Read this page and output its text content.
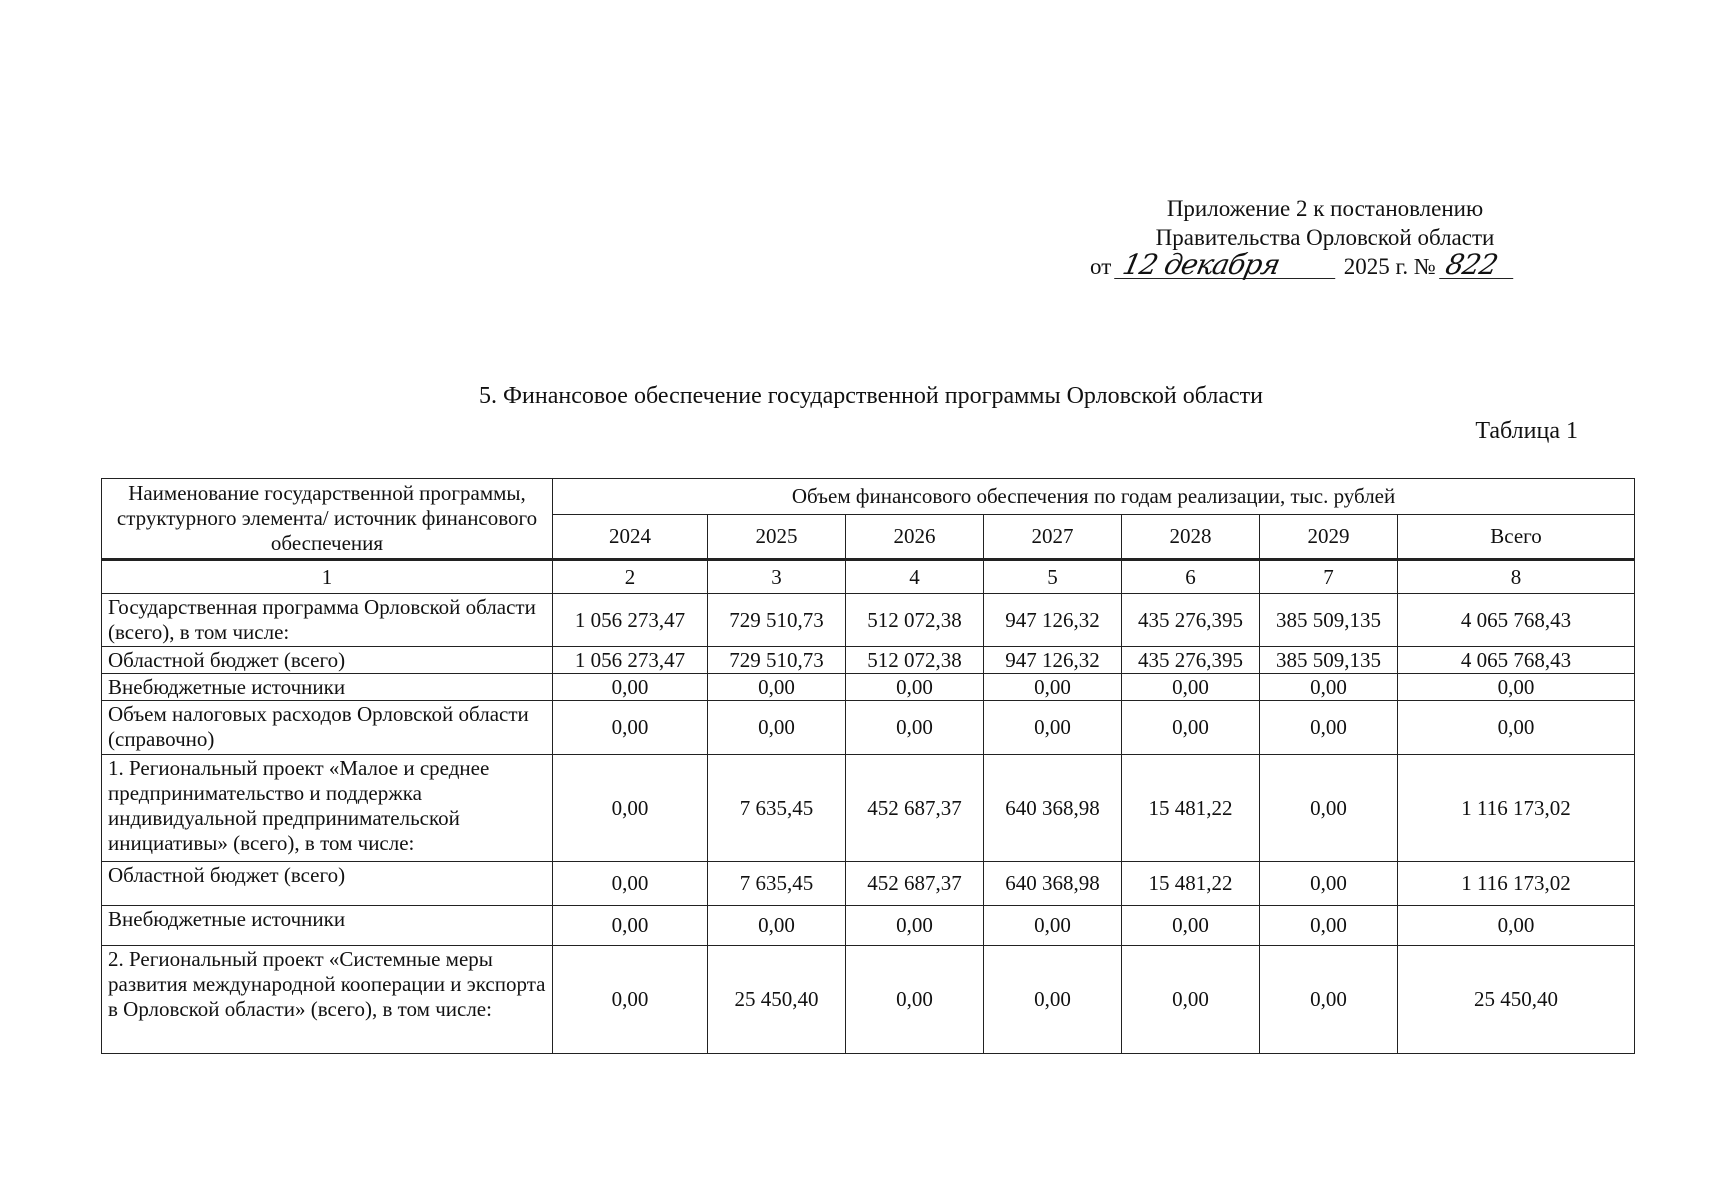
Приложение 2 к постановлению
Правительства Орловской области
от 12 декабря	2025 г. № 822
5. Финансовое обеспечение государственной программы Орловской области
Таблица 1
Наименование государственной программы, структурного элемента/ источник финансового обеспечения	Объем финансового обеспечения по годам реализации, тыс. рублей						
	2024	2025	2026	2027	2028	2029	Всего
1	2	3	4	5	6	7	8
Государственная программа Орловской области (всего), в том числе:	1 056 273,47	729 510,73	512 072,38	947 126,32	435 276,395	385 509,135	4 065 768,43
Областной бюджет (всего)	1 056 273,47	729 510,73	512 072,38	947 126,32	435 276,395	385 509,135	4 065 768,43
Внебюджетные источники	0,00	0,00	0,00	0,00	0,00	0,00	0,00
Объем налоговых расходов Орловской области (справочно)	0,00	0,00	0,00	0,00	0,00	0,00	0,00
1. Региональный проект «Малое и среднее предпринимательство и поддержка индивидуальной предпринимательской инициативы» (всего), в том числе:	0,00	7 635,45	452 687,37	640 368,98	15 481,22	0,00	1 116 173,02
Областной бюджет (всего)	0,00	7 635,45	452 687,37	640 368,98	15 481,22	0,00	1 116 173,02
Внебюджетные источники	0,00	0,00	0,00	0,00	0,00	0,00	0,00
2. Региональный проект «Системные меры развития международной кооперации и экспорта в Орловской области» (всего), в том числе:	0,00	25 450,40	0,00	0,00	0,00	0,00	25 450,40
